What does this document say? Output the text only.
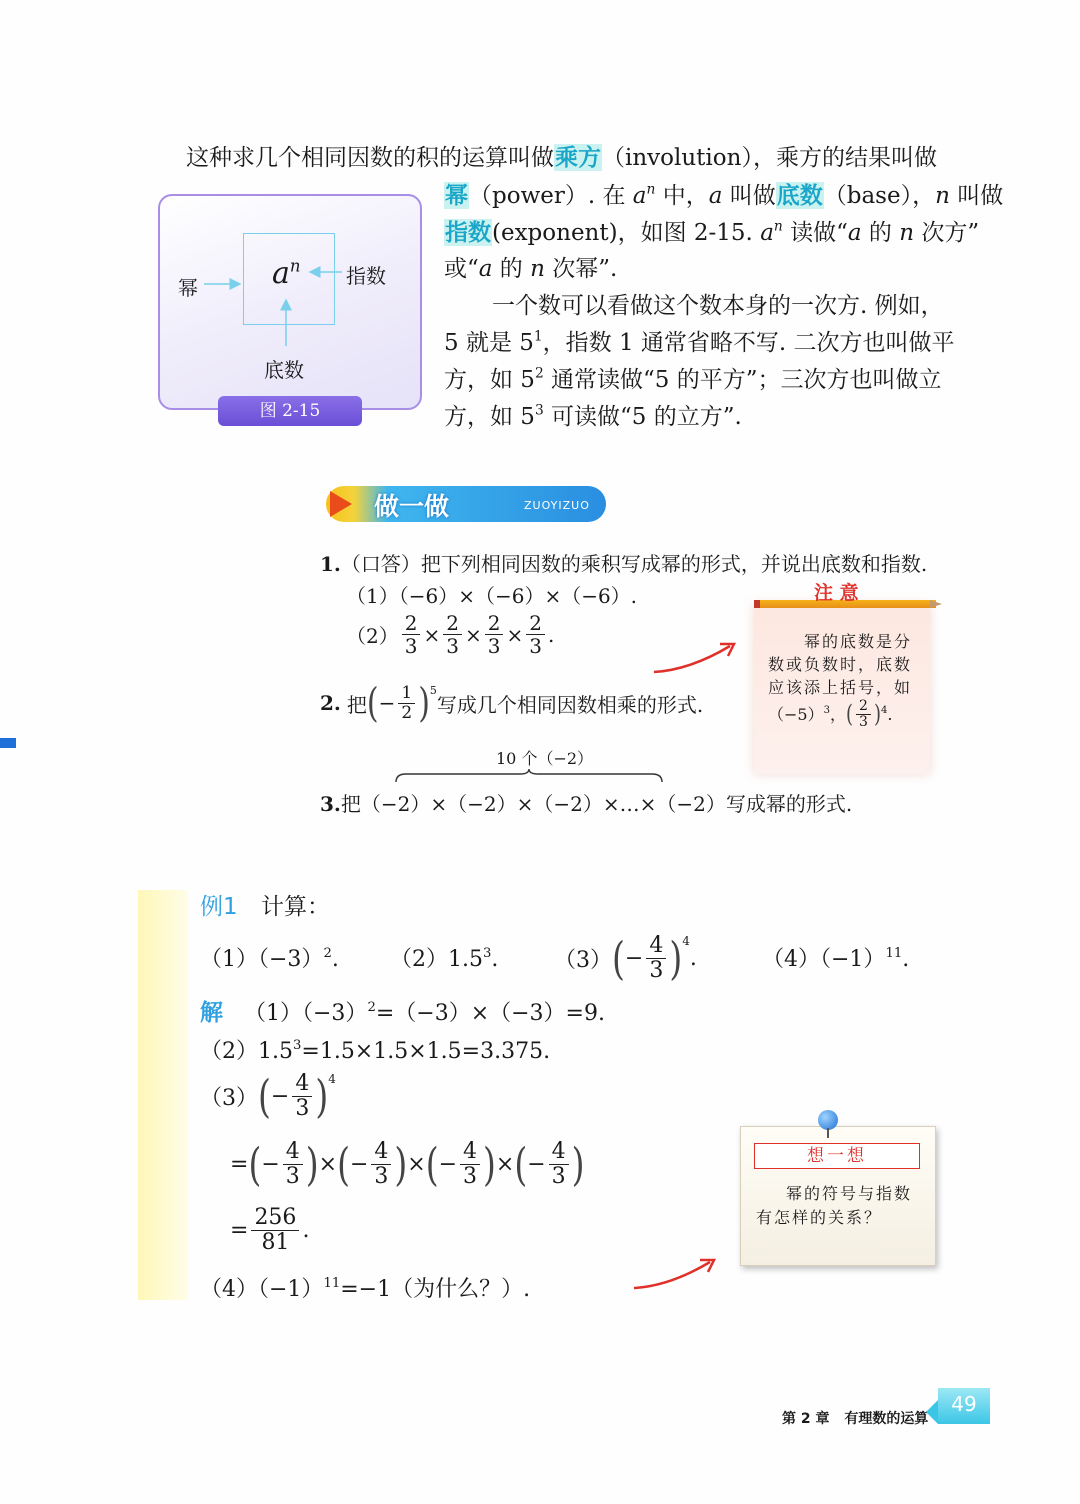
这种求几个相同因数的积的运算叫做乘方（involution），乘方的结果叫做
幂（power）. 在 $a^n$ 中，a 叫做底数（base），n 叫做
指数(exponent)，如图 2-15. $a^n$ 读做“a 的 n 次方”
或“a 的 n 次幂”.
一个数可以看做这个数本身的一次方. 例如，
5 就是 $5^1$，指数 1 通常省略不写. 二次方也叫做平
方，如 $5^2$ 通常读做“5 的平方”；三次方也叫做立
方，如 $5^3$ 可读做“5 的立方”.
$a^n$
幂	指数
底数
图 2-15
做一做	ZUOYIZUO
1.（口答）把下列相同因数的乘积写成幂的形式，并说出底数和指数.
（1）（−6）×（−6）×（−6）.
$(2) \frac{2}{3} \times \frac{2}{3} \times \frac{2}{3} \times \frac{2}{3}$ .
2. 把 ( − $\frac{1}{2}$ ) 5
写成几个相同因数相乘的形式.
10 个（−2）
3.把（−2）×（−2）×（−2）×…×（−2）写成幂的形式.
注 意
幂的底数是分
数或负数时，底数
应该添上括号，如
（−5） 3 ， ( $\frac{2}{3}$ ) 4 .
例1 计算：
$(1)(-3)^2$. $(2)1.5^3$.	（3） ( − $\frac{4}{3}$ ) 4
.	$(4)(-1)^{11}$.
解 $(1)(-3)^2=(-3)\times(-3)=9$.
$(2)1.5^3=1.5\times 1.5\times 1.5=3.375$.
（3） ( − $\frac{4}{3}$ ) 4
= ( − $\frac{4}{3}$ ) × ( − $\frac{4}{3}$ ) × ( − $\frac{4}{3}$ ) × ( − $\frac{4}{3}$ )
= $\frac{256}{81}$ .
$(4)(-1)^{11}=-1$（为什么？）.
想一想
幂的符号与指数
有怎样的关系？
第 2 章 有理数的运算
49
